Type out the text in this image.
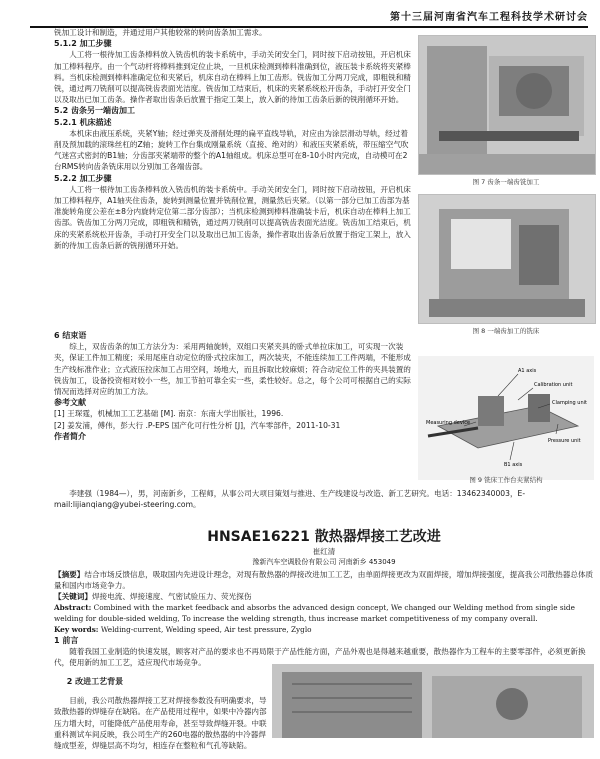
第十三届河南省汽车工程科技学术研讨会

铣加工设计和制造，并通过用户其他较常的转向齿条加工需求。

5.1.2 加工步骤

人工将一根待加工齿条棒料放入铣齿机的装卡系统中，手动关闭安全门，同时按下启动按钮，开启机床加工棒料程序。由一个气动杆将棒料推到定位止块，一旦机床检测到棒料准确到位，液压装卡系统将夹紧棒料。当机床检测到棒料准确定位和夹紧后，机床自动在棒料上加工齿形。铣齿加工分两刀完成，即粗铣和精铣，通过两刀铣削可以提高铣齿表面光洁度。铣齿加工结束后，机床的夹紧系统松开齿条，手动打开安全门以及取出已加工齿条。操作者取出齿条后放置于指定工架上，放入新的待加工齿条后新的铣削循环开始。

5.2 齿条另一端齿加工

5.2.1 机床描述

本机床由液压系统，夹紧Y轴；经过弹夹及滑削处理的扁平直线导轨，对应由为涂层滑动导轨，经过着削及预加载的滚珠丝杠的Z轴；旋转工作台集成刚量系统（直接、绝对的）和液压夹紧系统，带压缩空气吹气迷宫式密封的B1轴；分齿部夹紧端带的整个的A1轴组成。机床总型可在8-10小时内完成，自动模可在2台RMS转向齿条铣床用以分别加工各端齿部。

5.2.2 加工步骤

人工将一根待加工齿条棒料放入铣齿机的装卡系统中。手动关闭安全门，同时按下启动按钮，开启机床加工棒料程序，A1轴夹住齿条，旋转到测量位置并铣削位置，测量然后夹紧。（以第一部分已加工齿部为基准旋转角度公差在±8分内旋转定位第二部分齿部）；当机床检测到棒料准确装卡后，机床自动在棒料上加工齿部。铣齿加工分两刀完成，即粗铣和精铣，通过两刀铣削可以提高铣齿表面光洁度。铣齿加工结束后，机床的夹紧系统松开齿条，手动打开安全门以及取出已加工齿条，操作者取出齿条后放置于指定工架上，放入新的待加工齿条后新的铣削循环开始。

图 7 齿条一端齿铣加工
图 8 一端齿加工的铣床
A1 axis
Calibration unit
Clamping unit
Measuring device
Pressure unit
B1 axis
图 9 铣床工作台夹紧结构

6 结束语

综上，双齿齿条的加工方法分为：采用两轴旋转，双组口夹紧夹具的卧式单拉床加工，可实现一次装夹，保证工件加工精度；采用尾座自动定位的卧式拉床加工，两次装夹，不能连续加工工件两端，不能形成生产线标准作业；立式液压拉床加工占用空间，场地大，而且拆取比较麻烦；符合动定位工件的夹具装置的铣齿加工，设备投资相对较小一些，加工节拍可靠全实一些，柔性较好。总之，每个公司可根据自己的实际情况而选择对应的加工方法。

参考文献

[1] 王琛霆，机械加工工艺基础 [M]. 南京：东南大学出版社，1996.

[2] 姜发浦，傅伟，彭大行 .P-EPS 国产化可行性分析 [J]，汽车零部件，2011-10-31

作者简介

李建强（1984—），男，河南新乡，工程师，从事公司大项目策划与推进、生产线建设与改造、新工艺研究。电话：13462340003，E-mail:lijianqiang@yubei-steering.com。

HNSAE16221 散热器焊接工艺改进
崔红清
豫新汽车空调股份有限公司 河南新乡 453049

【摘要】结合市场反馈信息，吸取国内先进设计理念，对现有散热器的焊接改进加工工艺，由单面焊接更改为双面焊接，增加焊接强度，提高我公司散热器总体质量和国内市场竞争力。

【关键词】焊接电流、焊接速度、气密试验压力、荧光探伤

Abstract: Combined with the market feedback and absorbs the advanced design concept, We changed our Welding method from single side welding for double-sided welding, To increase the welding strength, thus increase market competitiveness of my company overall.

Key words: Welding-current, Welding speed, Air test pressure, Zyglo

1 前言

随着我国工业制造的快速发展，顾客对产品的要求也不再局限于产品性能方面，产品外观也是得越来越重要，散热器作为工程车的主要零部件，必须更新换代，使用新的加工工艺，适应现代市场竞争。

2 改进工艺背景

目前，我公司散热器焊接工艺对焊接参数没有明确要求，导致散热器的焊缝存在缺陷。在产品使用过程中，如果中冷器内部压力增大时，可能降低产品使用寿命，甚至导致焊缝开裂。中联重科测试车间反映，我公司生产的260电器的散热器的中冷器焊缝成型差，焊缝层高不均匀，相连存在整粒和气孔等缺陷。
